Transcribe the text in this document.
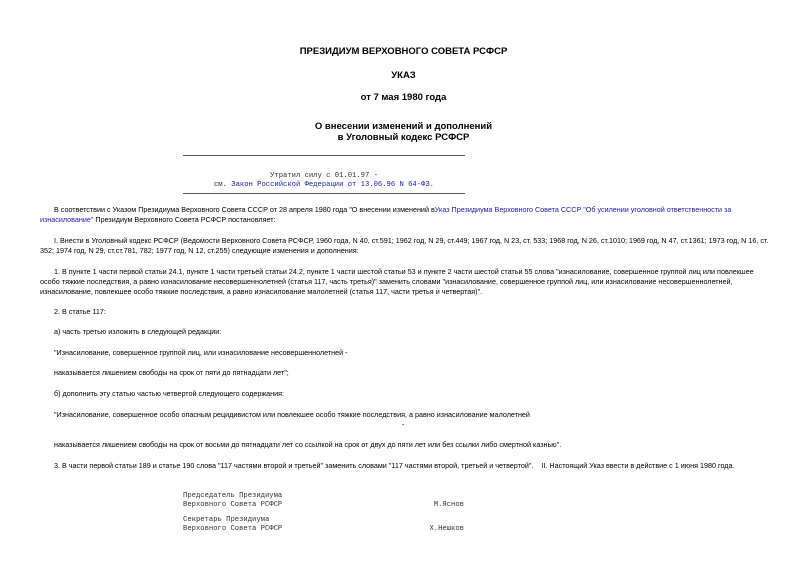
ПРЕЗИДИУМ ВЕРХОВНОГО СОВЕТА РСФСР
УКАЗ
от 7 мая 1980 года
О внесении изменений и дополнений
в Уголовный кодекс РСФСР
Утратил силу с 01.01.97 -
см. Закон Российской Федерации от 13.06.96 N 64-ФЗ.
В соответствии с Указом Президиума Верховного Совета СССР от 28 апреля 1980 года "О внесении изменений вУказ Президиума Верховного Совета СССР "Об усилении уголовной ответственности за изнасилование" Президиум Верховного Совета РСФСР постановляет:
I. Внести в Уголовный кодекс РСФСР (Ведомости Верховного Совета РСФСР, 1960 года, N 40, ст.591; 1962 год, N 29, ст.449; 1967 год, N 23, ст. 533; 1968 год, N 26, ст.1010; 1969 год, N 47, ст.1361; 1973 год, N 16, ст. 352; 1974 год, N 29, ст.ст.781, 782; 1977 год, N 12, ст.255) следующие изменения и дополнения:
1. В пункте 1 части первой статьи 24.1, пункте 1 части третьей статьи 24.2, пункте 1 части шестой статьи 53 и пункте 2 части шестой статьи 55 слова "изнасилование, совершенное группой лиц или повлекшее особо тяжкие последствия, а равно изнасилование несовершеннолетней (статья 117, часть третья)" заменить словами "изнасилование, совершенное группой лиц, или изнасилование несовершеннолетней, изнасилование, повлекшее особо тяжкие последствия, а равно изнасилование малолетней (статья 117, части третья и четвертая)".
2. В статье 117:
а) часть третью изложить в следующей редакции:
"Изнасилование, совершенное группой лиц, или изнасилование несовершеннолетней -
наказывается лишением свободы на срок от пяти до пятнадцати лет";
б) дополнить эту статью частью четвертой следующего содержания:
"Изнасилование, совершенное особо опасным рецидивистом или повлекшее особо тяжкие последствия, а равно изнасилование малолетней
-
наказывается лишением свободы на срок от восьми до пятнадцати лет со ссылкой на срок от двух до пяти лет или без ссылки либо смертной казнью".
3. В части первой статьи 189 и статье 190 слова "117 частями второй и третьей" заменить словами "117 частями второй, третьей и четвертой". II. Настоящий Указ ввести в действие с 1 июня 1980 года.
Председатель Президиума
Верховного Совета РСФСР	М.Яснов
Секретарь Президиума
Верховного Совета РСФСР	Х.Нешков
